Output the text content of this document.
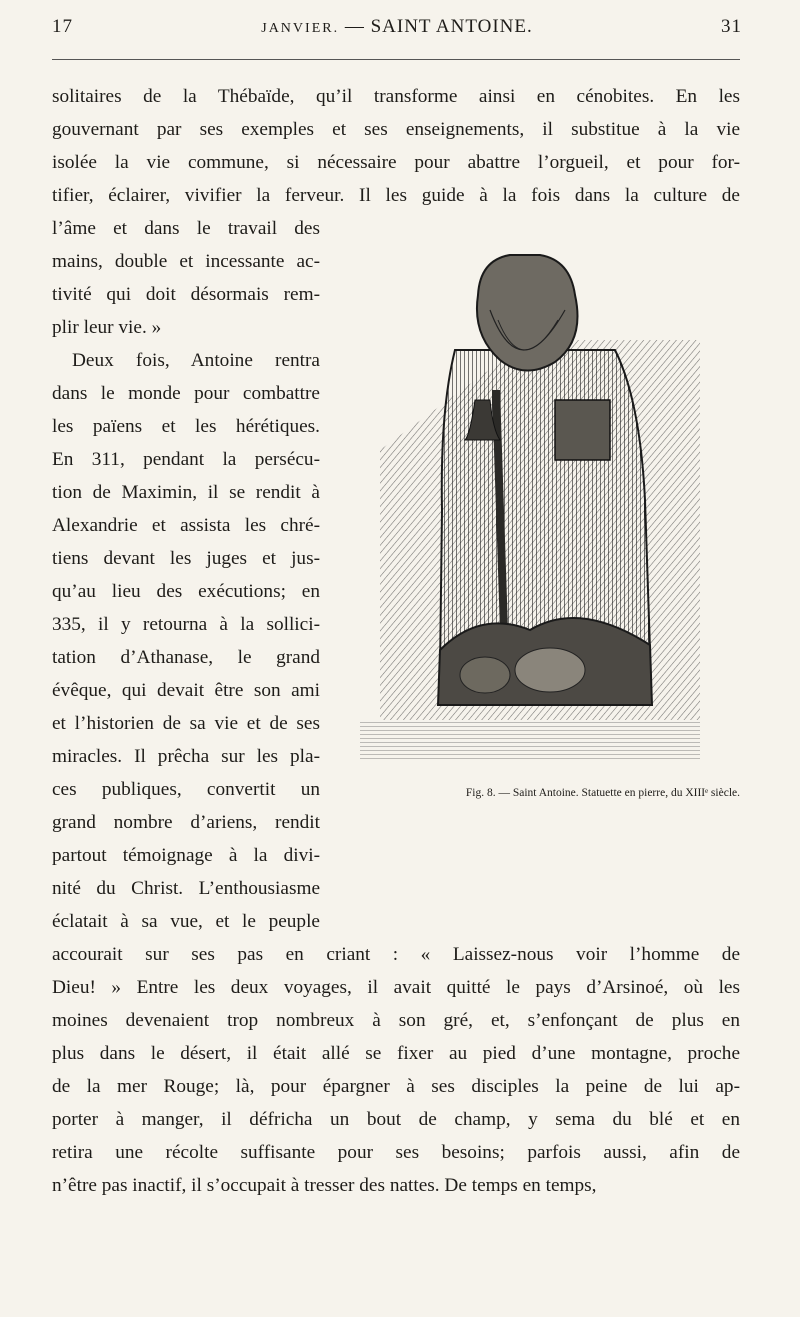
17	JANVIER. — SAINT ANTOINE.	31
solitaires de la Thébaïde, qu’il transforme ainsi en cénobites. En les
gouvernant par ses exemples et ses enseignements, il substitue à la vie
isolée la vie commune, si nécessaire pour abattre l’orgueil, et pour for-
tifier, éclairer, vivifier la ferveur. Il les guide à la fois dans la culture de
l’âme et dans le travail des
mains, double et incessante ac-
tivité qui doit désormais rem-
plir leur vie. »
Deux fois, Antoine rentra
dans le monde pour combattre
les païens et les hérétiques.
En 311, pendant la persécu-
tion de Maximin, il se rendit à
Alexandrie et assista les chré-
tiens devant les juges et jus-
qu’au lieu des exécutions; en
335, il y retourna à la sollici-
tation d’Athanase, le grand
évêque, qui devait être son ami
et l’historien de sa vie et de ses
miracles. Il prêcha sur les pla-
ces publiques, convertit un
grand nombre d’ariens, rendit
partout témoignage à la divi-
nité du Christ. L’enthousiasme
éclatait à sa vue, et le peuple
accourait sur ses pas en criant : « Laissez-nous voir l’homme de
Dieu! » Entre les deux voyages, il avait quitté le pays d’Arsinoé, où les
moines devenaient trop nombreux à son gré, et, s’enfonçant de plus en
plus dans le désert, il était allé se fixer au pied d’une montagne, proche
de la mer Rouge; là, pour épargner à ses disciples la peine de lui ap-
porter à manger, il défricha un bout de champ, y sema du blé et en
retira une récolte suffisante pour ses besoins; parfois aussi, afin de
n’être pas inactif, il s’occupait à tresser des nattes. De temps en temps,
Fig. 8. — Saint Antoine. Statuette en pierre, du XIIIᵉ siècle.
